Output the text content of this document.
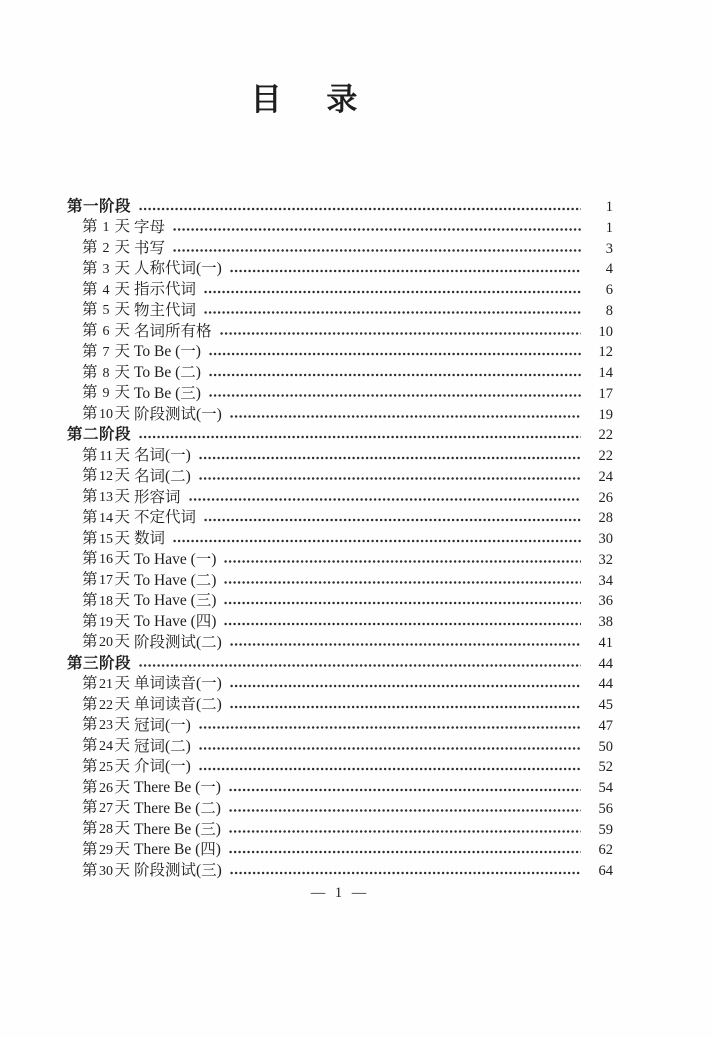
目 录
第一阶段	1
第 1 天 字母	1
第 2 天 书写	3
第 3 天 人称代词(一)	4
第 4 天 指示代词	6
第 5 天 物主代词	8
第 6 天 名词所有格	10
第 7 天 To Be (一)	12
第 8 天 To Be (二)	14
第 9 天 To Be (三)	17
第 10 天 阶段测试(一)	19
第二阶段	22
第 11 天 名词(一)	22
第 12 天 名词(二)	24
第 13 天 形容词	26
第 14 天 不定代词	28
第 15 天 数词	30
第 16 天 To Have (一)	32
第 17 天 To Have (二)	34
第 18 天 To Have (三)	36
第 19 天 To Have (四)	38
第 20 天 阶段测试(二)	41
第三阶段	44
第 21 天 单词读音(一)	44
第 22 天 单词读音(二)	45
第 23 天 冠词(一)	47
第 24 天 冠词(二)	50
第 25 天 介词(一)	52
第 26 天 There Be (一)	54
第 27 天 There Be (二)	56
第 28 天 There Be (三)	59
第 29 天 There Be (四)	62
第 30 天 阶段测试(三)	64
— 1 —
